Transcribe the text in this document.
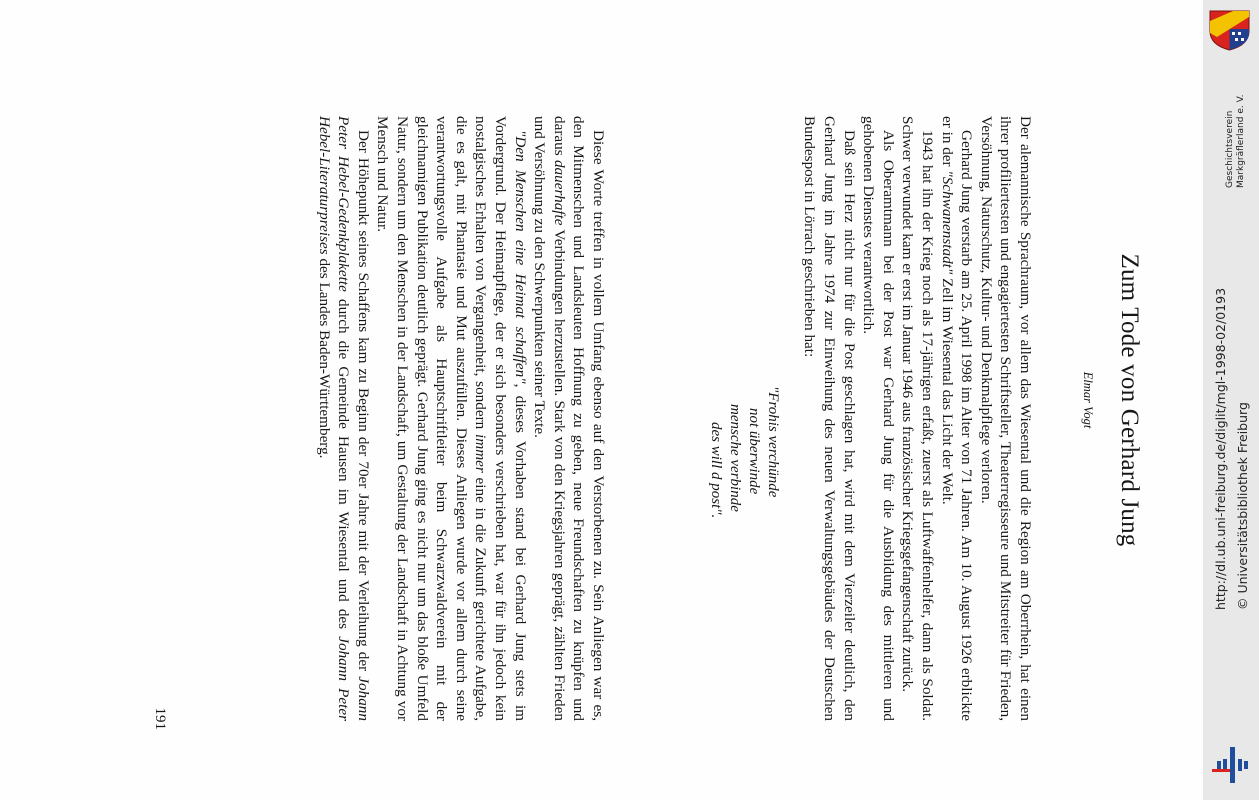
Zum Tode von Gerhard Jung
Elmar Vogt

Der alemannische Sprachraum, vor allem das Wiesental und die Region am Oberrhein, hat einen ihrer profiliertesten und engagiertesten Schriftsteller, Theaterregisseure und Mitstreiter für Frieden, Versöhnung, Naturschutz, Kultur- und Denkmalpflege verloren.

Gerhard Jung verstarb am 25. April 1998 im Alter von 71 Jahren. Am 10. August 1926 erblickte er in der "Schwanenstadt" Zell im Wiesental das Licht der Welt.

1943 hat ihn der Krieg noch als 17-jährigen erfaßt, zuerst als Luftwaffenhelfer, dann als Soldat. Schwer verwundet kam er erst im Januar 1946 aus französischer Kriegsgefangenschaft zurück.

Als Oberamtmann bei der Post war Gerhard Jung für die Ausbildung des mittleren und gehobenen Dienstes verantwortlich.

Daß sein Herz nicht nur für die Post geschlagen hat, wird mit dem Vierzeiler deutlich, den Gerhard Jung im Jahre 1974 zur Einweihung des neuen Verwaltungsgebäudes der Deutschen Bundespost in Lörrach geschrieben hat:

"Frohis verchünde
not überwinde
mensche verbinde
des will d post".

Diese Worte treffen in vollem Umfang ebenso auf den Verstorbenen zu. Sein Anliegen war es, den Mitmenschen und Landsleuten Hoffnung zu geben, neue Freundschaften zu knüpfen und daraus dauerhafte Verbindungen herzustellen. Stark von den Kriegsjahren geprägt, zählten Frieden und Versöhnung zu den Schwerpunkten seiner Texte.

"Den Menschen eine Heimat schaffen", dieses Vorhaben stand bei Gerhard Jung stets im Vordergrund. Der Heimatpflege, der er sich besonders verschrieben hat, war für ihn jedoch kein nostalgisches Erhalten von Vergangenheit, sondern immer eine in die Zukunft gerichtete Aufgabe, die es galt, mit Phantasie und Mut auszufüllen. Dieses Anliegen wurde vor allem durch seine verantwortungsvolle Aufgabe als Hauptschriftleiter beim Schwarzwaldverein mit der gleichnamigen Publikation deutlich geprägt. Gerhard Jung ging es nicht nur um das bloße Umfeld Natur, sondern um den Menschen in der Landschaft, um Gestaltung der Landschaft in Achtung vor Mensch und Natur.

Der Höhepunkt seines Schaffens kam zu Beginn der 70er Jahre mit der Verleihung der Johann Peter Hebel-Gedenkplakette durch die Gemeinde Hausen im Wiesental und des Johann Peter Hebel-Literaturpreises des Landes Baden-Württemberg.

191
http://dl.ub.uni-freiburg.de/diglit/mgl-1998-02/0193 © Universitätsbibliothek Freiburg
Geschichtsverein Markgräflerland e. V.
